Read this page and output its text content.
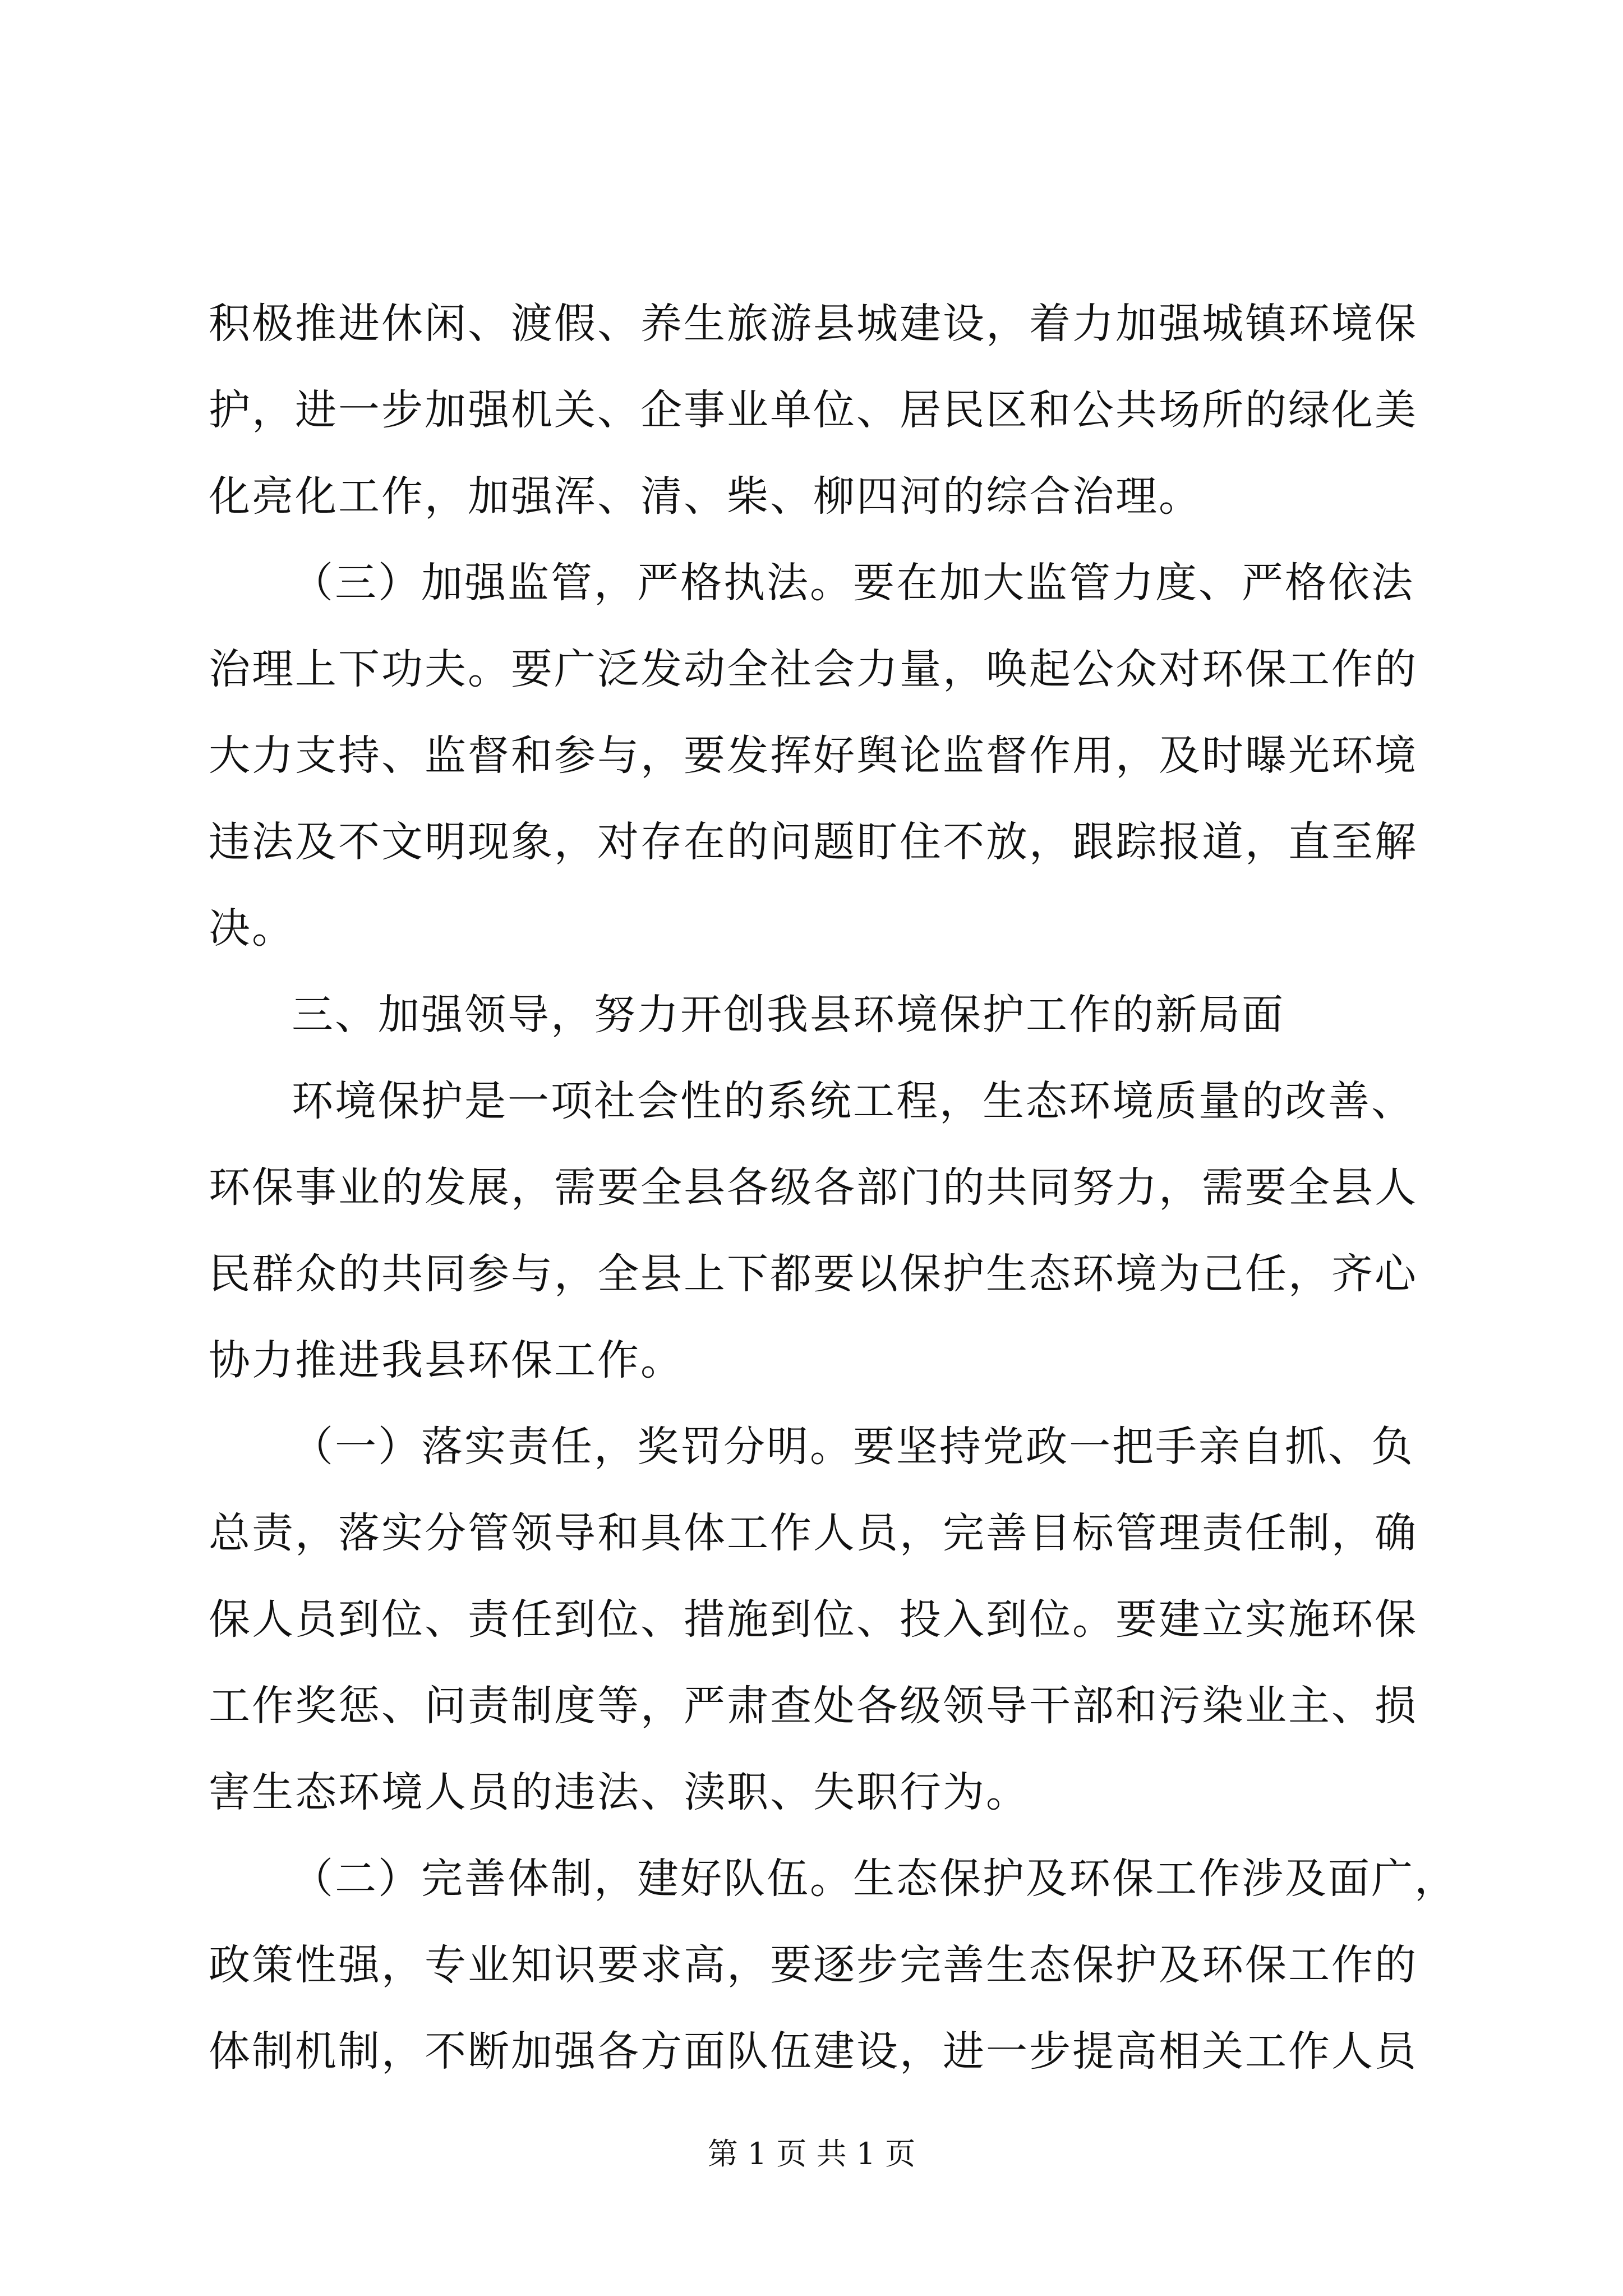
积极推进休闲、渡假、养生旅游县城建设，着力加强城镇环境保
护，进一步加强机关、企事业单位、居民区和公共场所的绿化美
化亮化工作，加强浑、清、柴、柳四河的综合治理。
（三）加强监管，严格执法。要在加大监管力度、严格依法
治理上下功夫。要广泛发动全社会力量，唤起公众对环保工作的
大力支持、监督和参与，要发挥好舆论监督作用，及时曝光环境
违法及不文明现象，对存在的问题盯住不放，跟踪报道，直至解
决。
三、加强领导，努力开创我县环境保护工作的新局面
环境保护是一项社会性的系统工程，生态环境质量的改善、
环保事业的发展，需要全县各级各部门的共同努力，需要全县人
民群众的共同参与，全县上下都要以保护生态环境为己任，齐心
协力推进我县环保工作。
（一）落实责任，奖罚分明。要坚持党政一把手亲自抓、负
总责，落实分管领导和具体工作人员，完善目标管理责任制，确
保人员到位、责任到位、措施到位、投入到位。要建立实施环保
工作奖惩、问责制度等，严肃查处各级领导干部和污染业主、损
害生态环境人员的违法、渎职、失职行为。
（二）完善体制，建好队伍。生态保护及环保工作涉及面广，
政策性强，专业知识要求高，要逐步完善生态保护及环保工作的
体制机制，不断加强各方面队伍建设，进一步提高相关工作人员
第 1 页 共 1 页
